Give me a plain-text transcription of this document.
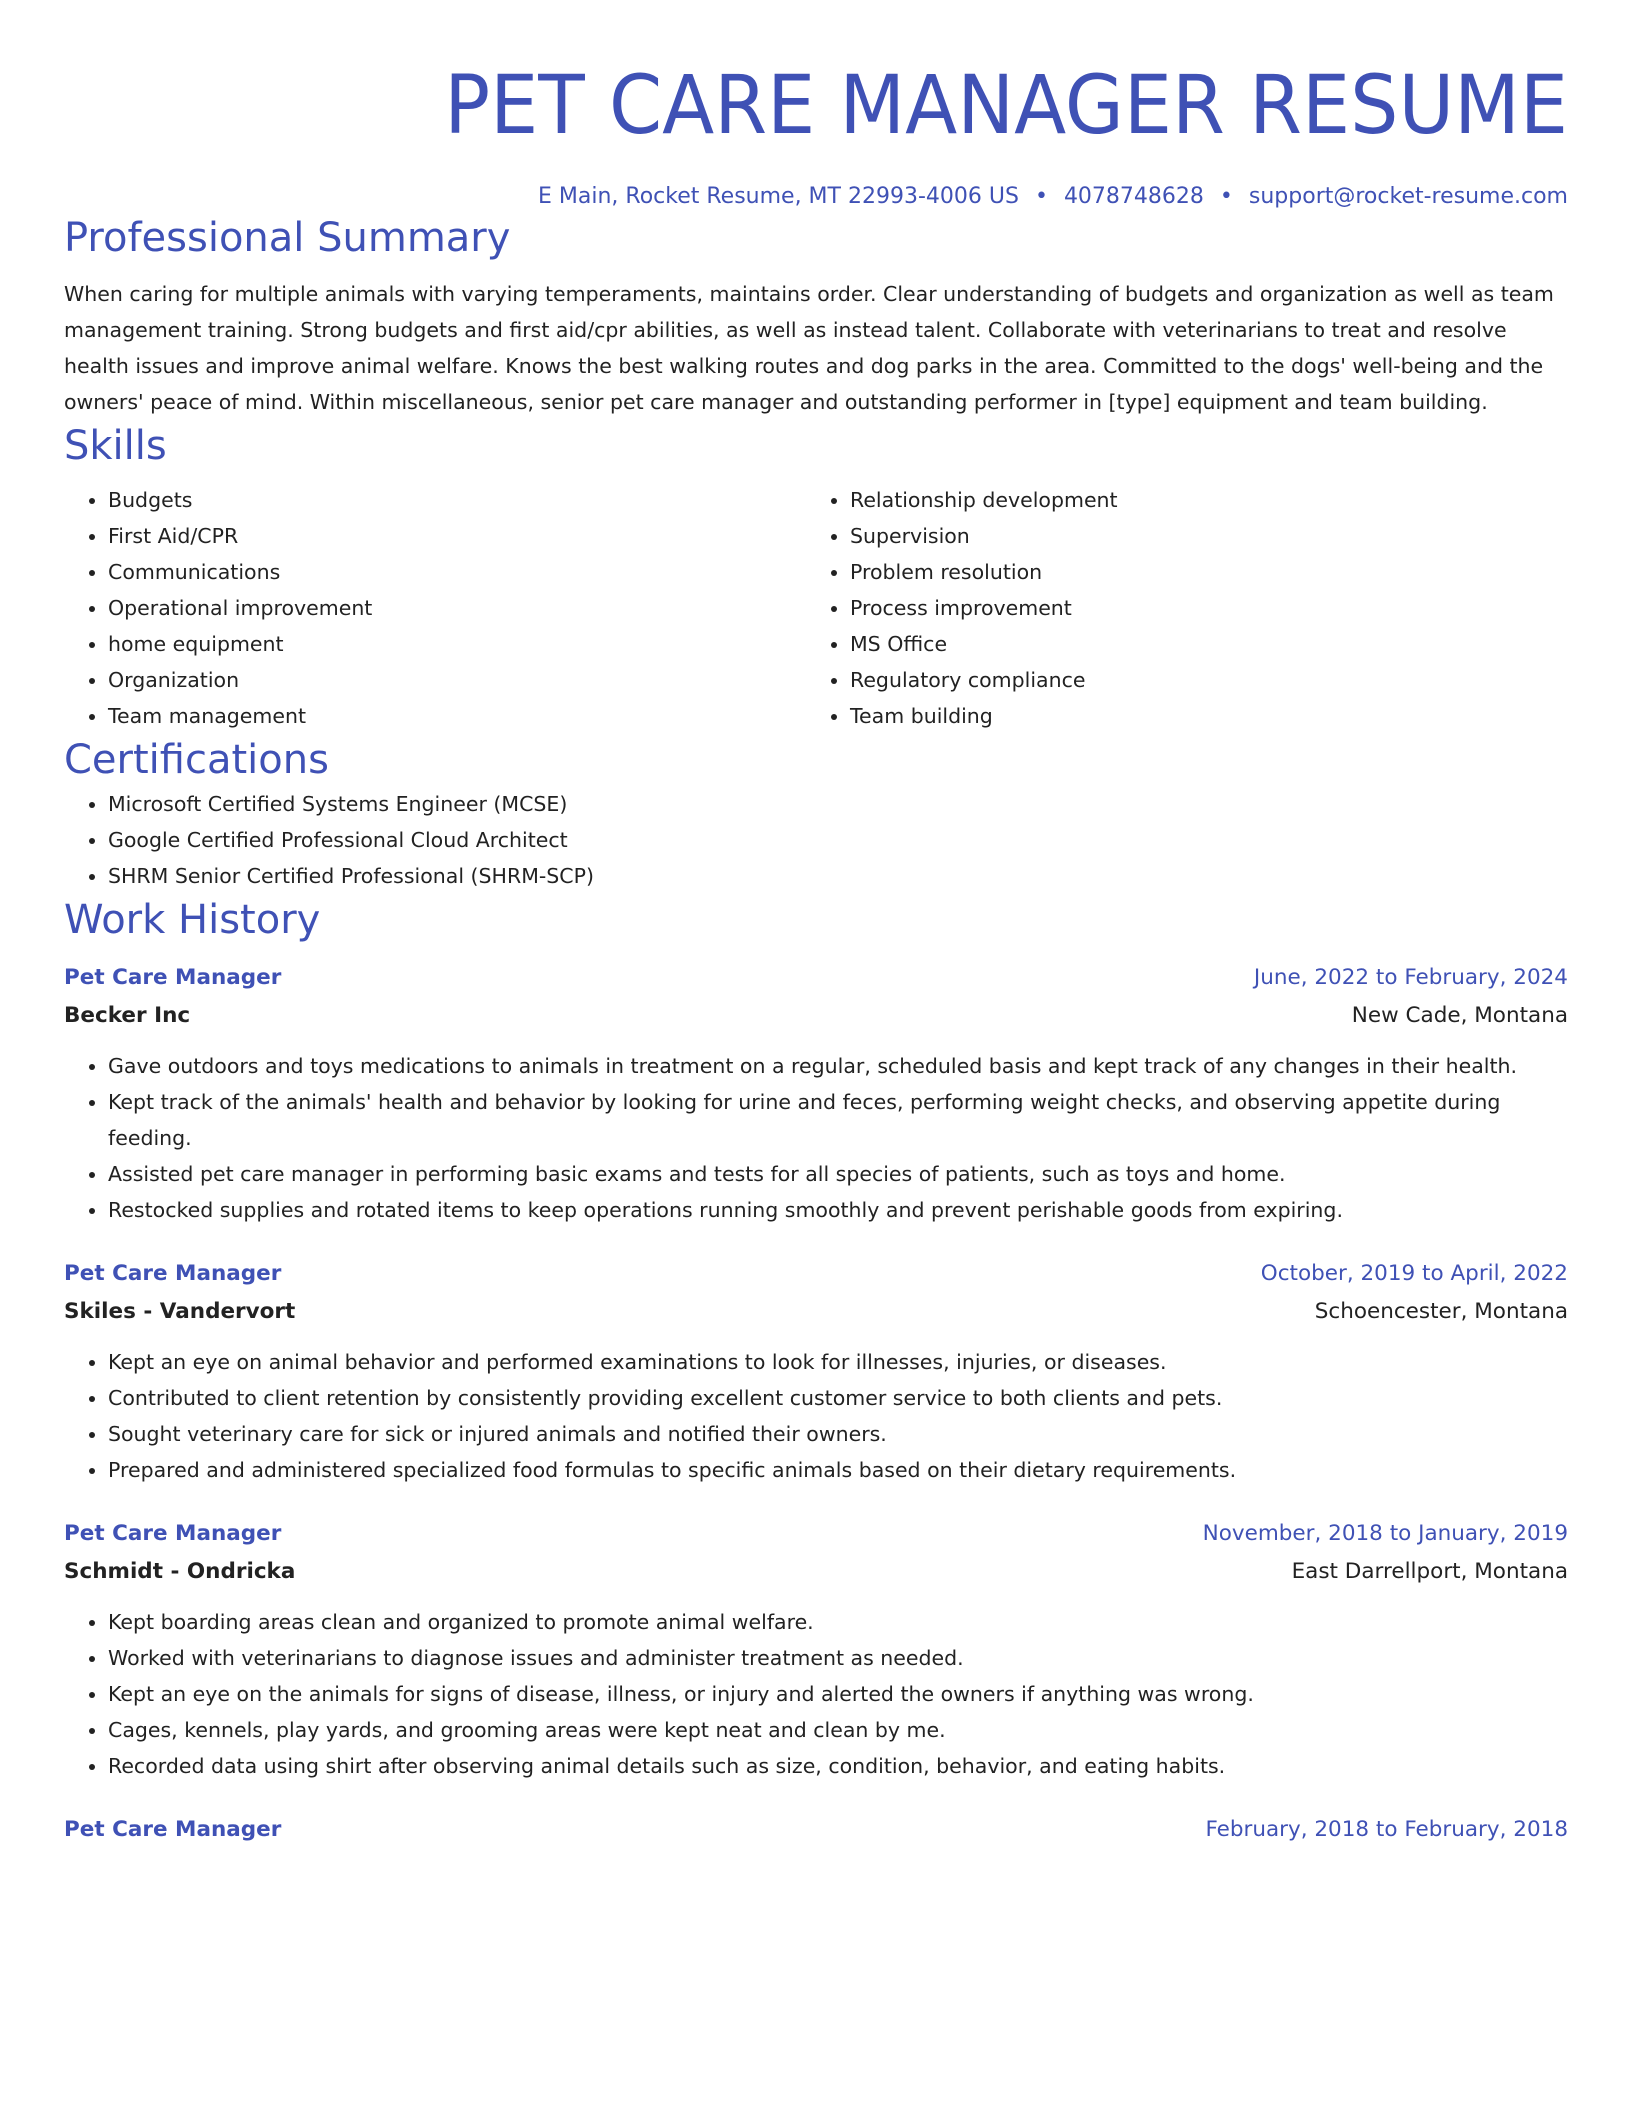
PET CARE MANAGER RESUME
E Main, Rocket Resume, MT 22993-4006 US • 4078748628 • support@rocket-resume.com
Professional Summary
When caring for multiple animals with varying temperaments, maintains order. Clear understanding of budgets and organization as well as team management training. Strong budgets and first aid/cpr abilities, as well as instead talent. Collaborate with veterinarians to treat and resolve health issues and improve animal welfare. Knows the best walking routes and dog parks in the area. Committed to the dogs' well-being and the owners' peace of mind. Within miscellaneous, senior pet care manager and outstanding performer in [type] equipment and team building.
Skills
• Budgets
• First Aid/CPR
• Communications
• Operational improvement
• home equipment
• Organization
• Team management
• Relationship development
• Supervision
• Problem resolution
• Process improvement
• MS Office
• Regulatory compliance
• Team building
Certifications
• Microsoft Certified Systems Engineer (MCSE)
• Google Certified Professional Cloud Architect
• SHRM Senior Certified Professional (SHRM-SCP)
Work History
Pet Care Manager	June, 2022 to February, 2024
Becker Inc	New Cade, Montana
• Gave outdoors and toys medications to animals in treatment on a regular, scheduled basis and kept track of any changes in their health.
• Kept track of the animals' health and behavior by looking for urine and feces, performing weight checks, and observing appetite during feeding.
• Assisted pet care manager in performing basic exams and tests for all species of patients, such as toys and home.
• Restocked supplies and rotated items to keep operations running smoothly and prevent perishable goods from expiring.
Pet Care Manager	October, 2019 to April, 2022
Skiles - Vandervort	Schoencester, Montana
• Kept an eye on animal behavior and performed examinations to look for illnesses, injuries, or diseases.
• Contributed to client retention by consistently providing excellent customer service to both clients and pets.
• Sought veterinary care for sick or injured animals and notified their owners.
• Prepared and administered specialized food formulas to specific animals based on their dietary requirements.
Pet Care Manager	November, 2018 to January, 2019
Schmidt - Ondricka	East Darrellport, Montana
• Kept boarding areas clean and organized to promote animal welfare.
• Worked with veterinarians to diagnose issues and administer treatment as needed.
• Kept an eye on the animals for signs of disease, illness, or injury and alerted the owners if anything was wrong.
• Cages, kennels, play yards, and grooming areas were kept neat and clean by me.
• Recorded data using shirt after observing animal details such as size, condition, behavior, and eating habits.
Pet Care Manager	February, 2018 to February, 2018
